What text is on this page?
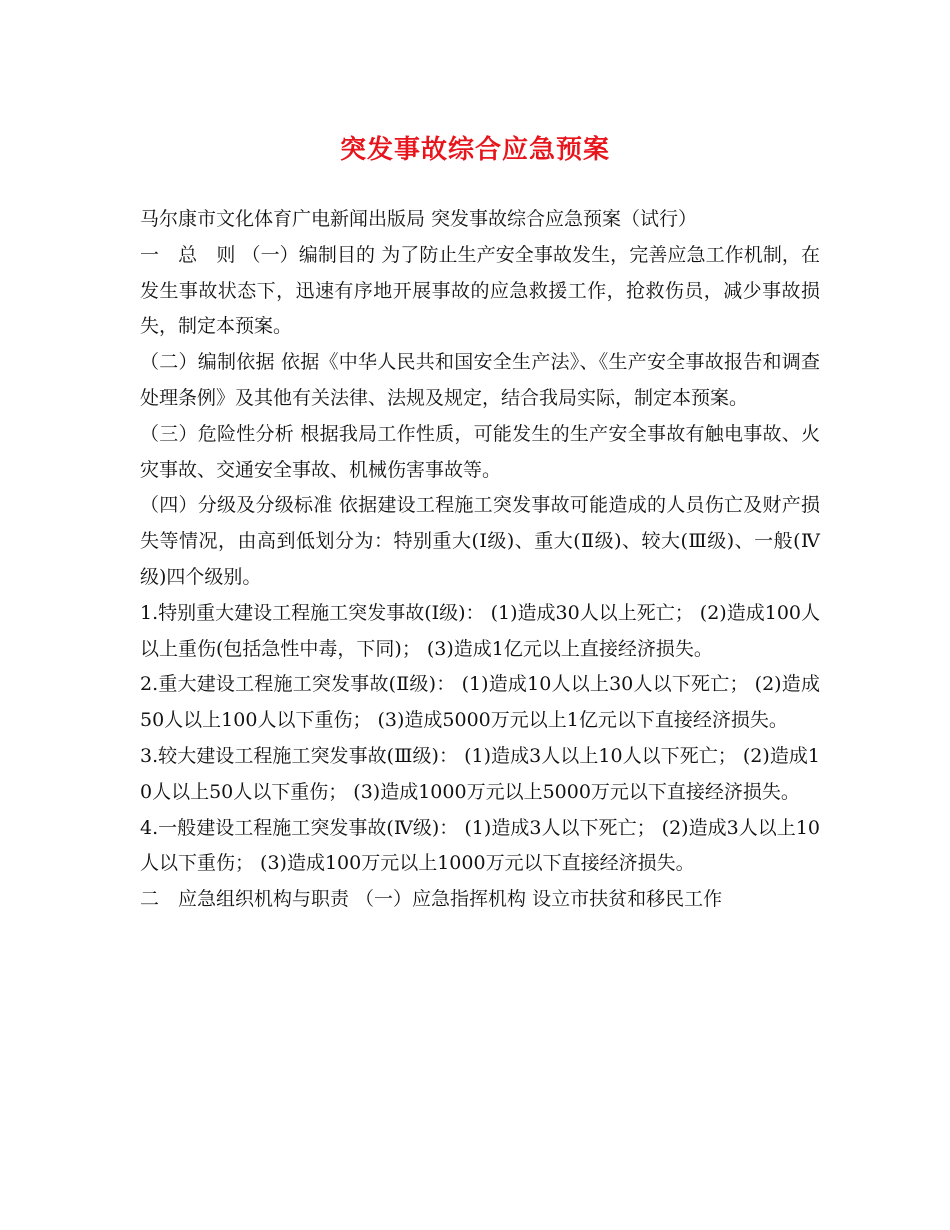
突发事故综合应急预案

马尔康市文化体育广电新闻出版局 突发事故综合应急预案（试行）

一　总　则 （一）编制目的 为了防止生产安全事故发生，完善应急工作机制，在发生事故状态下，迅速有序地开展事故的应急救援工作，抢救伤员，减少事故损失，制定本预案。

（二）编制依据 依据《中华人民共和国安全生产法》、《生产安全事故报告和调查处理条例》及其他有关法律、法规及规定，结合我局实际，制定本预案。

（三）危险性分析 根据我局工作性质，可能发生的生产安全事故有触电事故、火灾事故、交通安全事故、机械伤害事故等。

（四）分级及分级标准 依据建设工程施工突发事故可能造成的人员伤亡及财产损失等情况，由高到低划分为：特别重大(Ⅰ级)、重大(Ⅱ级)、较大(Ⅲ级)、一般(Ⅳ级)四个级别。

1.特别重大建设工程施工突发事故(Ⅰ级)： (1)造成30人以上死亡； (2)造成100人以上重伤(包括急性中毒，下同)； (3)造成1亿元以上直接经济损失。

2.重大建设工程施工突发事故(Ⅱ级)： (1)造成10人以上30人以下死亡； (2)造成50人以上100人以下重伤； (3)造成5000万元以上1亿元以下直接经济损失。

3.较大建设工程施工突发事故(Ⅲ级)： (1)造成3人以上10人以下死亡； (2)造成10人以上50人以下重伤； (3)造成1000万元以上5000万元以下直接经济损失。

4.一般建设工程施工突发事故(Ⅳ级)： (1)造成3人以下死亡； (2)造成3人以上10人以下重伤； (3)造成100万元以上1000万元以下直接经济损失。

二　应急组织机构与职责 （一）应急指挥机构 设立市扶贫和移民工作
